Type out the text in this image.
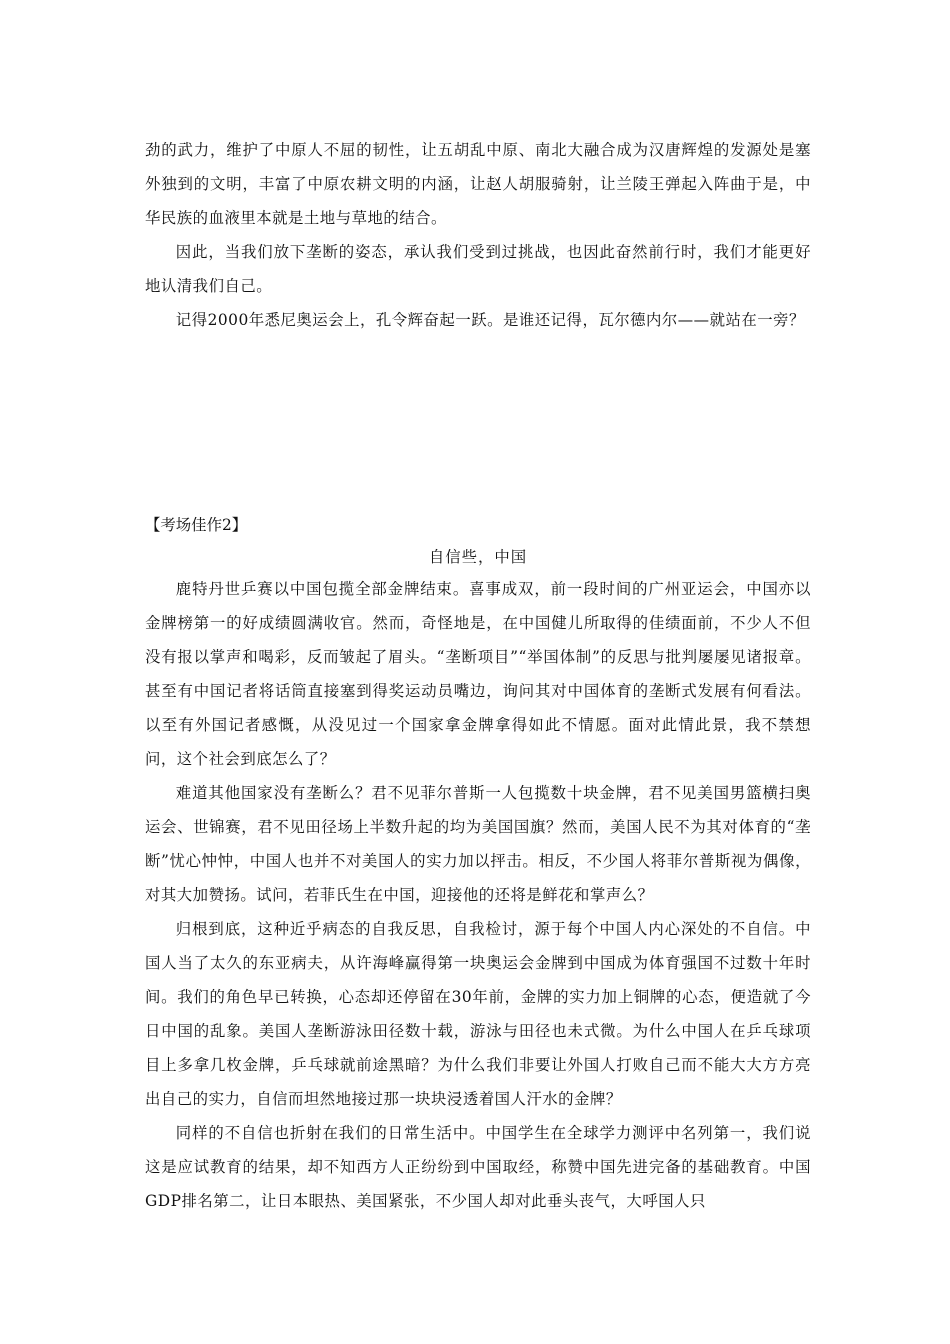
劲的武力，维护了中原人不屈的韧性，让五胡乱中原、南北大融合成为汉唐辉煌的发源处是塞外独到的文明，丰富了中原农耕文明的内涵，让赵人胡服骑射，让兰陵王弹起入阵曲于是，中华民族的血液里本就是土地与草地的结合。

因此，当我们放下垄断的姿态，承认我们受到过挑战，也因此奋然前行时，我们才能更好地认清我们自己。

记得2000年悉尼奥运会上，孔令辉奋起一跃。是谁还记得，瓦尔德内尔——就站在一旁？

【考场佳作2】
自信些，中国

鹿特丹世乒赛以中国包揽全部金牌结束。喜事成双，前一段时间的广州亚运会，中国亦以金牌榜第一的好成绩圆满收官。然而，奇怪地是，在中国健儿所取得的佳绩面前，不少人不但没有报以掌声和喝彩，反而皱起了眉头。“垄断项目”“举国体制”的反思与批判屡屡见诸报章。甚至有中国记者将话筒直接塞到得奖运动员嘴边，询问其对中国体育的垄断式发展有何看法。以至有外国记者感慨，从没见过一个国家拿金牌拿得如此不情愿。面对此情此景，我不禁想问，这个社会到底怎么了？

难道其他国家没有垄断么？君不见菲尔普斯一人包揽数十块金牌，君不见美国男篮横扫奥运会、世锦赛，君不见田径场上半数升起的均为美国国旗？然而，美国人民不为其对体育的“垄断”忧心忡忡，中国人也并不对美国人的实力加以抨击。相反，不少国人将菲尔普斯视为偶像，对其大加赞扬。试问，若菲氏生在中国，迎接他的还将是鲜花和掌声么？

归根到底，这种近乎病态的自我反思，自我检讨，源于每个中国人内心深处的不自信。中国人当了太久的东亚病夫，从许海峰赢得第一块奥运会金牌到中国成为体育强国不过数十年时间。我们的角色早已转换，心态却还停留在30年前，金牌的实力加上铜牌的心态，便造就了今日中国的乱象。美国人垄断游泳田径数十载，游泳与田径也未式微。为什么中国人在乒乓球项目上多拿几枚金牌，乒乓球就前途黑暗？为什么我们非要让外国人打败自己而不能大大方方亮出自己的实力，自信而坦然地接过那一块块浸透着国人汗水的金牌？

同样的不自信也折射在我们的日常生活中。中国学生在全球学力测评中名列第一，我们说这是应试教育的结果，却不知西方人正纷纷到中国取经，称赞中国先进完备的基础教育。中国GDP排名第二，让日本眼热、美国紧张，不少国人却对此垂头丧气，大呼国人只
